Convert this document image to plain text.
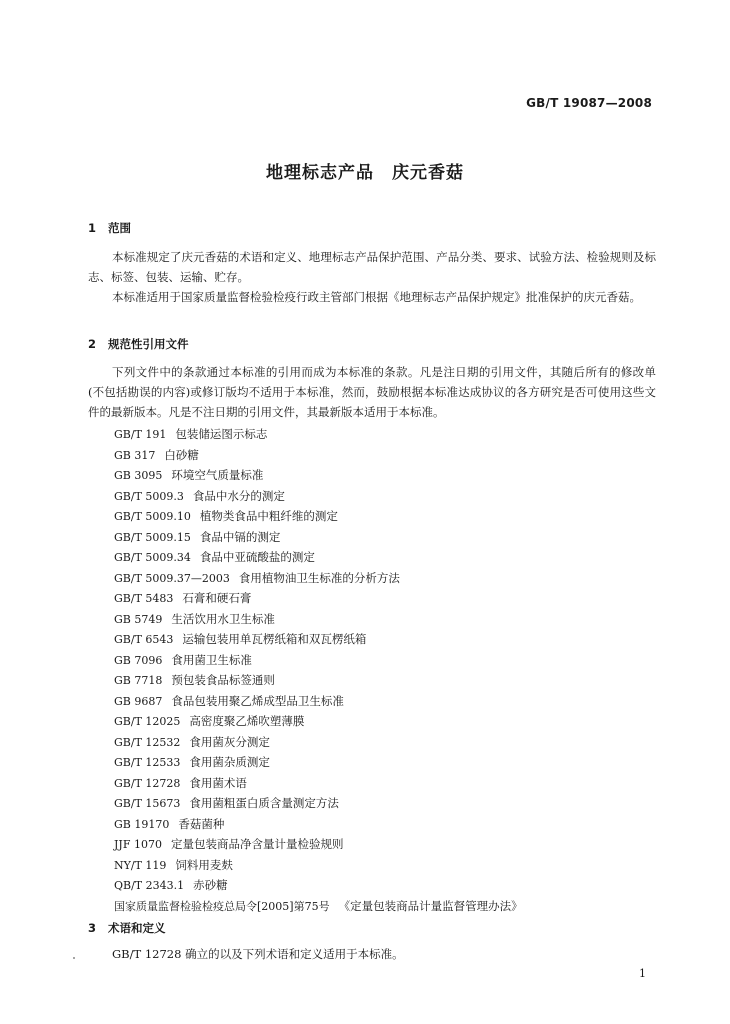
GB/T 19087—2008
地理标志产品　庆元香菇
1 范围

本标准规定了庆元香菇的术语和定义、地理标志产品保护范围、产品分类、要求、试验方法、检验规则及标志、标签、包装、运输、贮存。

本标准适用于国家质量监督检验检疫行政主管部门根据《地理标志产品保护规定》批准保护的庆元香菇。

2 规范性引用文件

下列文件中的条款通过本标准的引用而成为本标准的条款。凡是注日期的引用文件，其随后所有的修改单(不包括勘误的内容)或修订版均不适用于本标准，然而，鼓励根据本标准达成协议的各方研究是否可使用这些文件的最新版本。凡是不注日期的引用文件，其最新版本适用于本标准。

GB/T 191 包装储运图示标志
GB 317 白砂糖
GB 3095 环境空气质量标准
GB/T 5009.3 食品中水分的测定
GB/T 5009.10 植物类食品中粗纤维的测定
GB/T 5009.15 食品中镉的测定
GB/T 5009.34 食品中亚硫酸盐的测定
GB/T 5009.37—2003 食用植物油卫生标准的分析方法
GB/T 5483 石膏和硬石膏
GB 5749 生活饮用水卫生标准
GB/T 6543 运输包装用单瓦楞纸箱和双瓦楞纸箱
GB 7096 食用菌卫生标准
GB 7718 预包装食品标签通则
GB 9687 食品包装用聚乙烯成型品卫生标准
GB/T 12025 高密度聚乙烯吹塑薄膜
GB/T 12532 食用菌灰分测定
GB/T 12533 食用菌杂质测定
GB/T 12728 食用菌术语
GB/T 15673 食用菌粗蛋白质含量测定方法
GB 19170 香菇菌种
JJF 1070 定量包装商品净含量计量检验规则
NY/T 119 饲料用麦麸
QB/T 2343.1 赤砂糖
国家质量监督检验检疫总局令[2005]第75号 《定量包装商品计量监督管理办法》
3 术语和定义

GB/T 12728 确立的以及下列术语和定义适用于本标准。

1
